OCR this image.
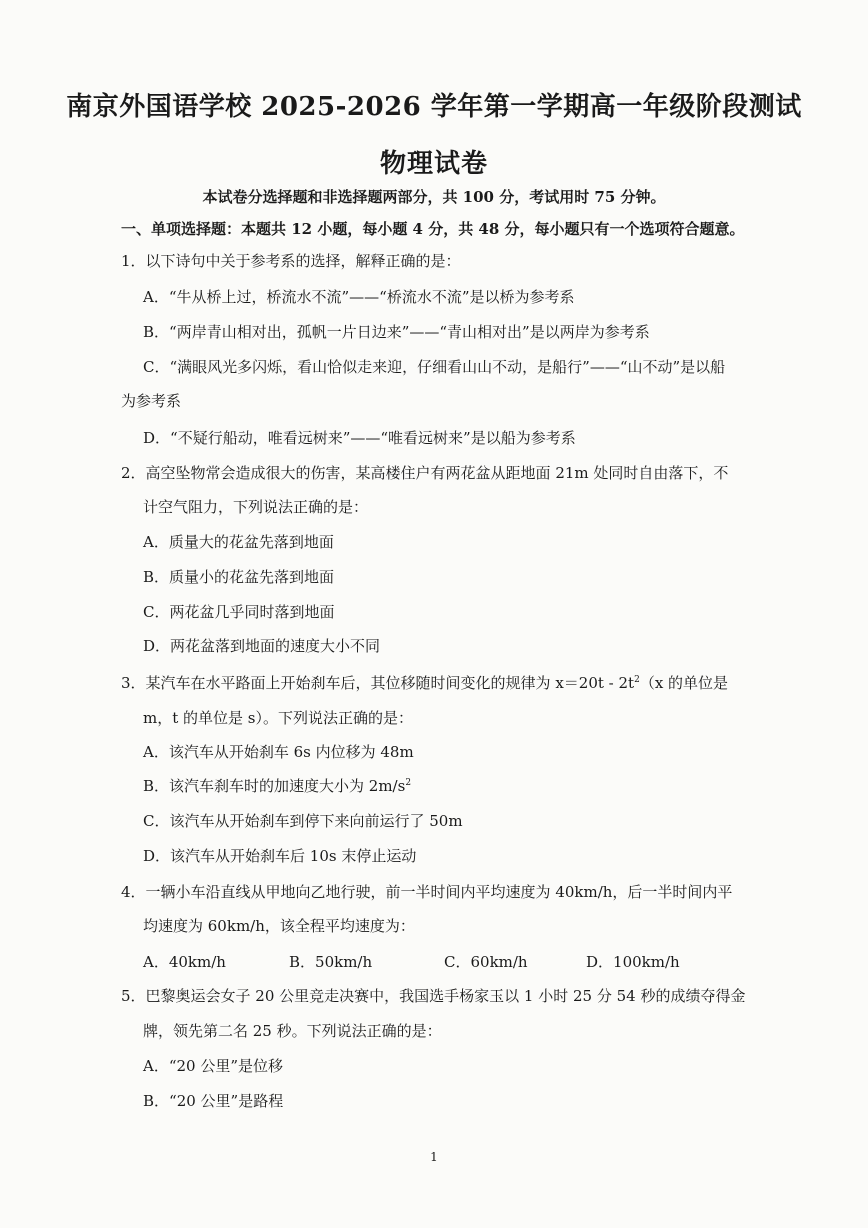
南京外国语学校 2025-2026 学年第一学期高一年级阶段测试
物理试卷
本试卷分选择题和非选择题两部分，共 100 分，考试用时 75 分钟。
一、单项选择题：本题共 12 小题，每小题 4 分，共 48 分，每小题只有一个选项符合题意。
1．以下诗句中关于参考系的选择，解释正确的是：
A．“牛从桥上过，桥流水不流”——“桥流水不流”是以桥为参考系
B．“两岸青山相对出，孤帆一片日边来”——“青山相对出”是以两岸为参考系
C．“满眼风光多闪烁，看山恰似走来迎，仔细看山山不动，是船行”——“山不动”是以船
为参考系
D．“不疑行船动，唯看远树来”——“唯看远树来”是以船为参考系
2．高空坠物常会造成很大的伤害，某高楼住户有两花盆从距地面 21m 处同时自由落下，不
计空气阻力，下列说法正确的是：
A．质量大的花盆先落到地面
B．质量小的花盆先落到地面
C．两花盆几乎同时落到地面
D．两花盆落到地面的速度大小不同
3．某汽车在水平路面上开始刹车后，其位移随时间变化的规律为 $x=20t - 2t^2(x$ 的单位是
m，t 的单位是 s）。下列说法正确的是：
A．该汽车从开始刹车 6s 内位移为 48m
B．该汽车刹车时的加速度大小为 $2m/s^2$
C．该汽车从开始刹车到停下来向前运行了 50m
D．该汽车从开始刹车后 10s 末停止运动
4．一辆小车沿直线从甲地向乙地行驶，前一半时间内平均速度为 40km/h，后一半时间内平
均速度为 60km/h，该全程平均速度为：
A．40km/h	B．50km/h	C．60km/h	D．100km/h
5．巴黎奥运会女子 20 公里竞走决赛中，我国选手杨家玉以 1 小时 25 分 54 秒的成绩夺得金
牌，领先第二名 25 秒。下列说法正确的是：
A．“20 公里”是位移
B．“20 公里”是路程
1
